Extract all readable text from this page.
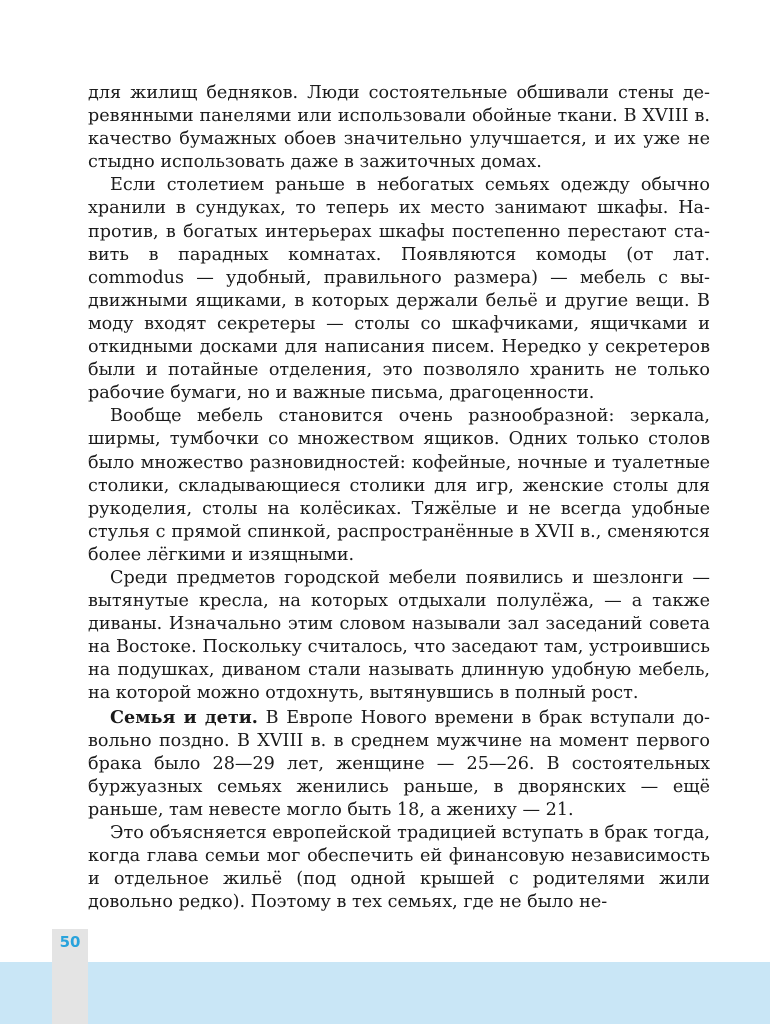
50

для жилищ бедняков. Люди состоятельные обшивали стены деревянными панелями или использовали обойные ткани. В XVIII в. качество бумажных обоев значительно улучшается, и их уже не стыдно использовать даже в зажиточных домах.

Если столетием раньше в небогатых семьях одежду обычно хранили в сундуках, то теперь их место занимают шкафы. Напротив, в богатых интерьерах шкафы постепенно перестают ставить в парадных комнатах. Появляются комоды (от лат. commodus — удобный, правильного размера) — мебель с выдвижными ящиками, в которых держали бельё и другие вещи. В моду входят секретеры — столы со шкафчиками, ящичками и откидными досками для написания писем. Нередко у секретеров были и потайные отделения, это позволяло хранить не только рабочие бумаги, но и важные письма, драгоценности.

Вообще мебель становится очень разнообразной: зеркала, ширмы, тумбочки со множеством ящиков. Одних только столов было множество разновидностей: кофейные, ночные и туалетные столики, складывающиеся столики для игр, женские столы для рукоделия, столы на колёсиках. Тяжёлые и не всегда удобные стулья с прямой спинкой, распространённые в XVII в., сменяются более лёгкими и изящными.

Среди предметов городской мебели появились и шезлонги — вытянутые кресла, на которых отдыхали полулёжа, — а также диваны. Изначально этим словом называли зал заседаний совета на Востоке. Поскольку считалось, что заседают там, устроившись на подушках, диваном стали называть длинную удобную мебель, на которой можно отдохнуть, вытянувшись в полный рост.

Семья и дети. В Европе Нового времени в брак вступали довольно поздно. В XVIII в. в среднем мужчине на момент первого брака было 28—29 лет, женщине — 25—26. В состоятельных буржуазных семьях женились раньше, в дворянских — ещё раньше, там невесте могло быть 18, а жениху — 21.

Это объясняется европейской традицией вступать в брак тогда, когда глава семьи мог обеспечить ей финансовую независимость и отдельное жильё (под одной крышей с родителями жили довольно редко). Поэтому в тех семьях, где не было не-
